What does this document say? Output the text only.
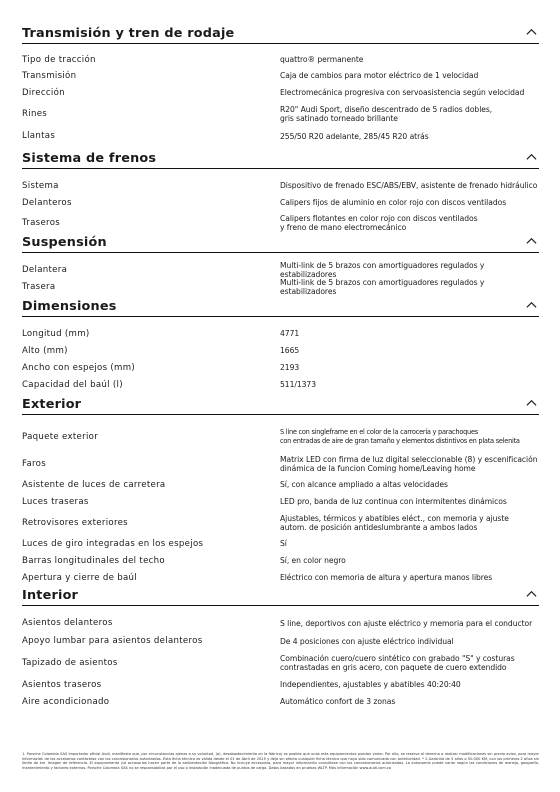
Transmisión y tren de rodaje
Tipo de tracción	quattro® permanente
Transmisión	Caja de cambios para motor eléctrico de 1 velocidad
Dirección	Electromecánica progresiva con servoasistencia según velocidad
Rines	R20" Audi Sport, diseño descentrado de 5 radios dobles,
gris satinado torneado brillante
Llantas	255/50 R20 adelante, 285/45 R20 atrás
Sistema de frenos
Sistema	Dispositivo de frenado ESC/ABS/EBV, asistente de frenado hidráulico
Delanteros	Calipers fijos de aluminio en color rojo con discos ventilados
Traseros	Calipers flotantes en color rojo con discos ventilados
y freno de mano electromecánico
Suspensión
Delantera	Multi-link de 5 brazos con amortiguadores regulados y estabilizadores
Trasera	Multi-link de 5 brazos con amortiguadores regulados y estabilizadores
Dimensiones
Longitud (mm)	4771
Alto (mm)	1665
Ancho con espejos (mm)	2193
Capacidad del baúl (l)	511/1373
Exterior
Paquete exterior	S line con singleframe en el color de la carrocería y parachoques
con entradas de aire de gran tamaño y elementos distintivos en plata selenita
Faros	Matrix LED con firma de luz digital seleccionable (8) y escenificación
dinámica de la funcion Coming home/Leaving home
Asistente de luces de carretera	Sí, con alcance ampliado a altas velocidades
Luces traseras	LED pro, banda de luz continua con intermitentes dinámicos
Retrovisores exteriores	Ajustables, térmicos y abatibles eléct., con memoria y ajuste
autom. de posición antideslumbrante a ambos lados
Luces de giro integradas en los espejos	Sí
Barras longitudinales del techo	Sí, en color negro
Apertura y cierre de baúl	Eléctrico con memoria de altura y apertura manos libres
Interior
Asientos delanteros	S line, deportivos con ajuste eléctrico y memoria para el conductor
Apoyo lumbar para asientos delanteros	De 4 posiciones con ajuste eléctrico individual
Tapizado de asientos	Combinación cuero/cuero sintético con grabado "S" y costuras
contrastadas en gris acero, con paquete de cuero extendido
Asientos traseros	Independientes, ajustables y abatibles 40:20:40
Aire acondicionado	Automático confort de 3 zonas
1. Porsche Colombia SAS importador oficial Audi, manifiesta que, por circunstancias ajenas a su voluntad, (a), desabastecimiento en la fábrica) es posible que unos más equipamientos puedan variar. Por ello, se reserva el derecho a realizar modificaciones sin previo aviso, para mayor información de los accesorios contáctese con los concesionarios autorizados. Esta ficha técnica es válida desde el 01 de Abril de 2025 y deja sin efecto cualquier ficha técnica que haya sido comunicada con anterioridad. * 2.Garantía de 5 años o 50.000 KM, con los primeros 2 años sin límite de km. Imagen de referencia. El equipamiento y/o accesorios hacen parte de la ambientación fotográfica. No incluye accesorios, para mayor información consúltese con los concesionarios autorizados. La autonomía puede variar según las condiciones de manejo, geografía, mantenimiento y factores externos. Porsche Colombia SAS no se responsabiliza por el uso o instalación inadecuada de puntos de carga. Datos basados en pruebas WLTP. Más información www.audi.com.co
